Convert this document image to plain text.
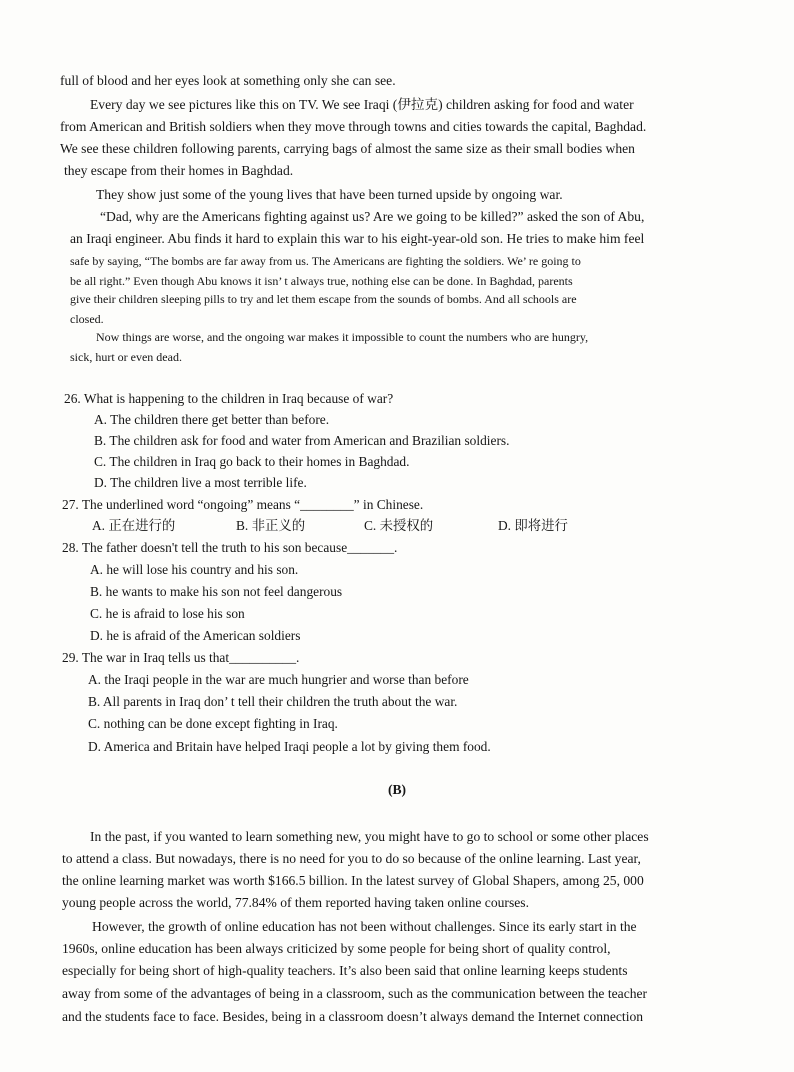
full of blood and her eyes look at something only she can see.
Every day we see pictures like this on TV. We see Iraqi (伊拉克) children asking for food and water
from American and British soldiers when they move through towns and cities towards the capital, Baghdad.
We see these children following parents, carrying bags of almost the same size as their small bodies when
they escape from their homes in Baghdad.
They show just some of the young lives that have been turned upside by ongoing war.
“Dad, why are the Americans fighting against us? Are we going to be killed?” asked the son of Abu,
an Iraqi engineer. Abu finds it hard to explain this war to his eight-year-old son. He tries to make him feel
safe by saying, “The bombs are far away from us. The Americans are fighting the soldiers. We’ re going to
be all right.” Even though Abu knows it isn’ t always true, nothing else can be done. In Baghdad, parents
give their children sleeping pills to try and let them escape from the sounds of bombs. And all schools are
closed.
Now things are worse, and the ongoing war makes it impossible to count the numbers who are hungry,
sick, hurt or even dead.
26. What is happening to the children in Iraq because of war?
A. The children there get better than before.
B. The children ask for food and water from American and Brazilian soldiers.
C. The children in Iraq go back to their homes in Baghdad.
D. The children live a most terrible life.
27. The underlined word “ongoing” means “________” in Chinese.
A. 正在进行的	B. 非正义的	C. 未授权的	D. 即将进行
28. The father doesn't tell the truth to his son because_______.
A. he will lose his country and his son.
B. he wants to make his son not feel dangerous
C. he is afraid to lose his son
D. he is afraid of the American soldiers
29. The war in Iraq tells us that__________.
A. the Iraqi people in the war are much hungrier and worse than before
B. All parents in Iraq don’ t tell their children the truth about the war.
C. nothing can be done except fighting in Iraq.
D. America and Britain have helped Iraqi people a lot by giving them food.
(B)
In the past, if you wanted to learn something new, you might have to go to school or some other places
to attend a class. But nowadays, there is no need for you to do so because of the online learning. Last year,
the online learning market was worth $166.5 billion. In the latest survey of Global Shapers, among 25, 000
young people across the world, 77.84% of them reported having taken online courses.
However, the growth of online education has not been without challenges. Since its early start in the
1960s, online education has been always criticized by some people for being short of quality control,
especially for being short of high-quality teachers. It’s also been said that online learning keeps students
away from some of the advantages of being in a classroom, such as the communication between the teacher
and the students face to face. Besides, being in a classroom doesn’t always demand the Internet connection
